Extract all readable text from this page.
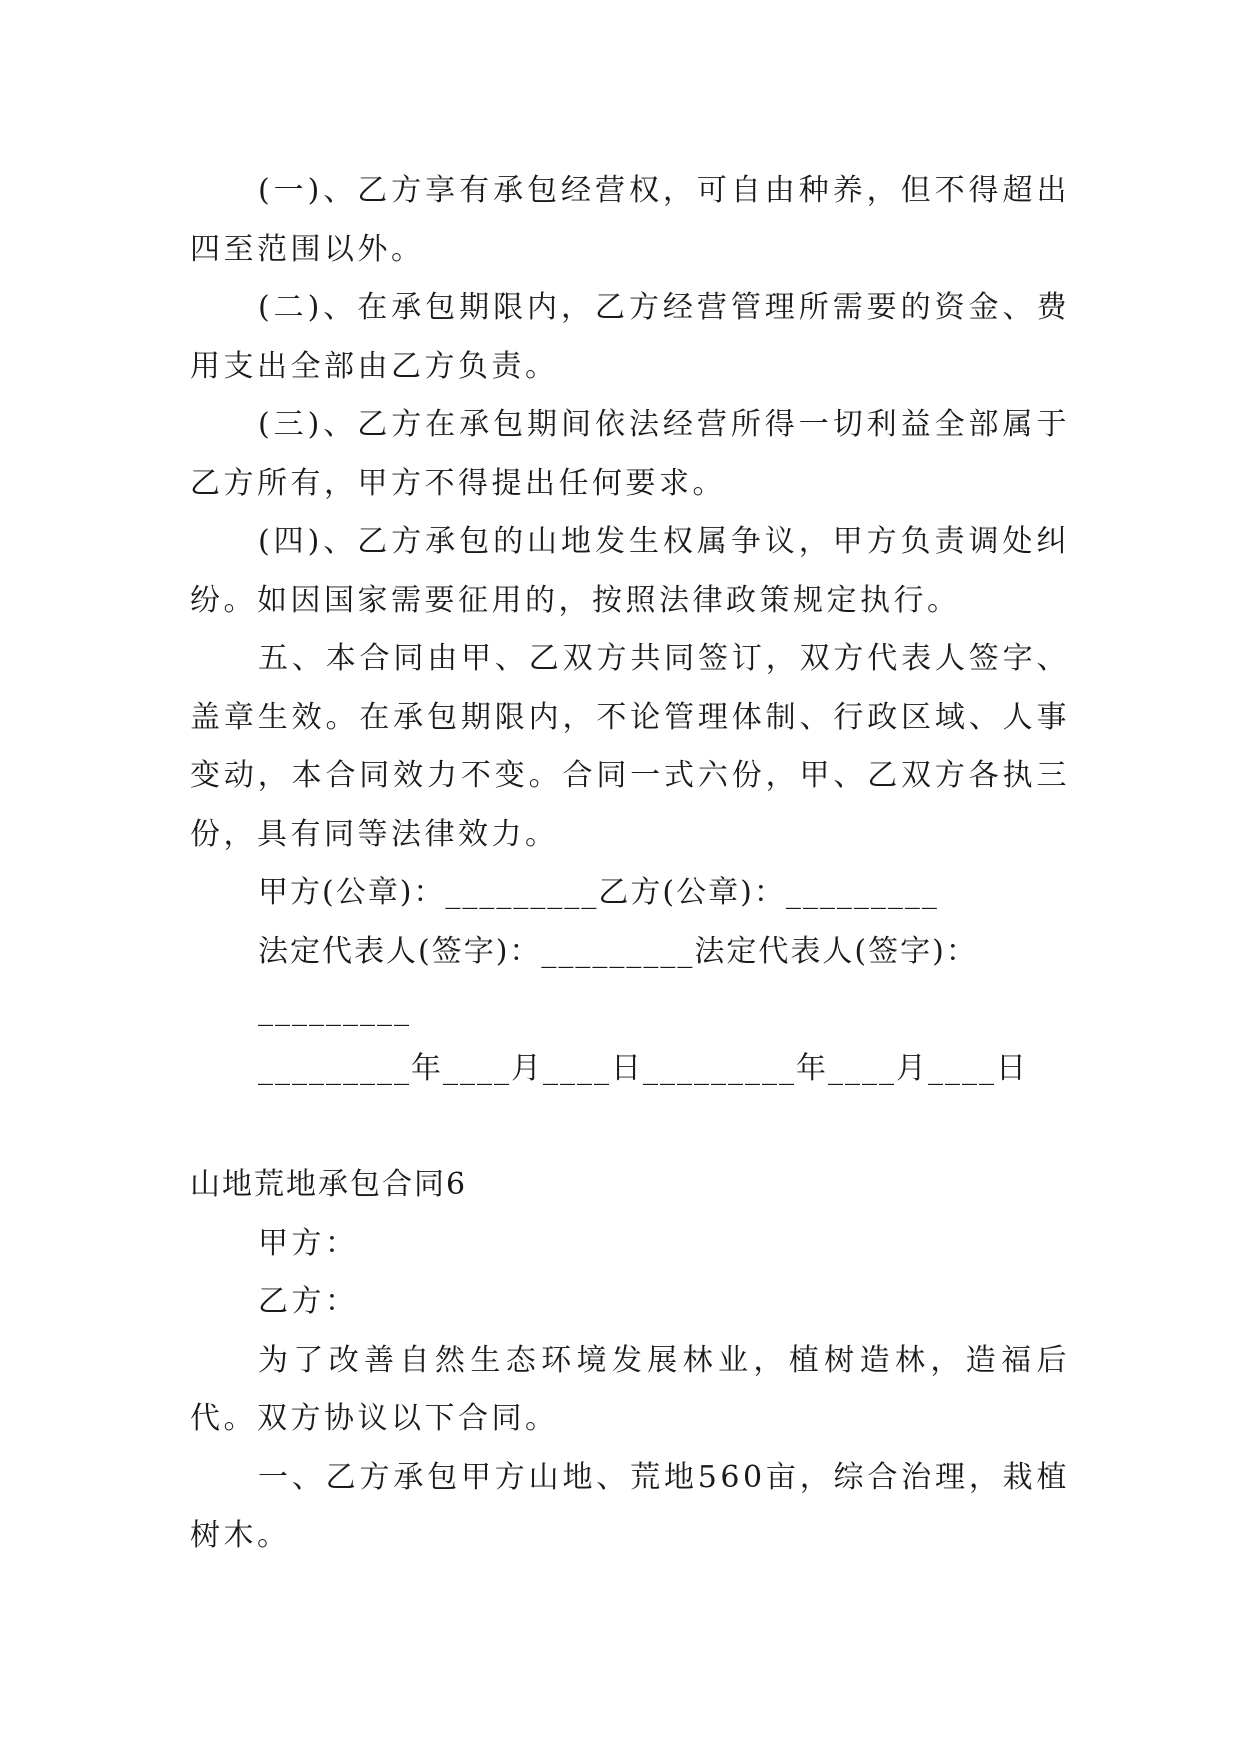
(一)、乙方享有承包经营权，可自由种养，但不得超出四至范围以外。

(二)、在承包期限内，乙方经营管理所需要的资金、费用支出全部由乙方负责。

(三)、乙方在承包期间依法经营所得一切利益全部属于乙方所有，甲方不得提出任何要求。

(四)、乙方承包的山地发生权属争议，甲方负责调处纠纷。如因国家需要征用的，按照法律政策规定执行。

五、本合同由甲、乙双方共同签订，双方代表人签字、盖章生效。在承包期限内，不论管理体制、行政区域、人事变动，本合同效力不变。合同一式六份，甲、乙双方各执三份，具有同等法律效力。

甲方(公章)：_________乙方(公章)：_________

法定代表人(签字)：_________法定代表人(签字)：

_________

_________年____月____日_________年____月____日

山地荒地承包合同6

甲方：

乙方：

为了改善自然生态环境发展林业，植树造林，造福后代。双方协议以下合同。

一、乙方承包甲方山地、荒地560亩，综合治理，栽植树木。
